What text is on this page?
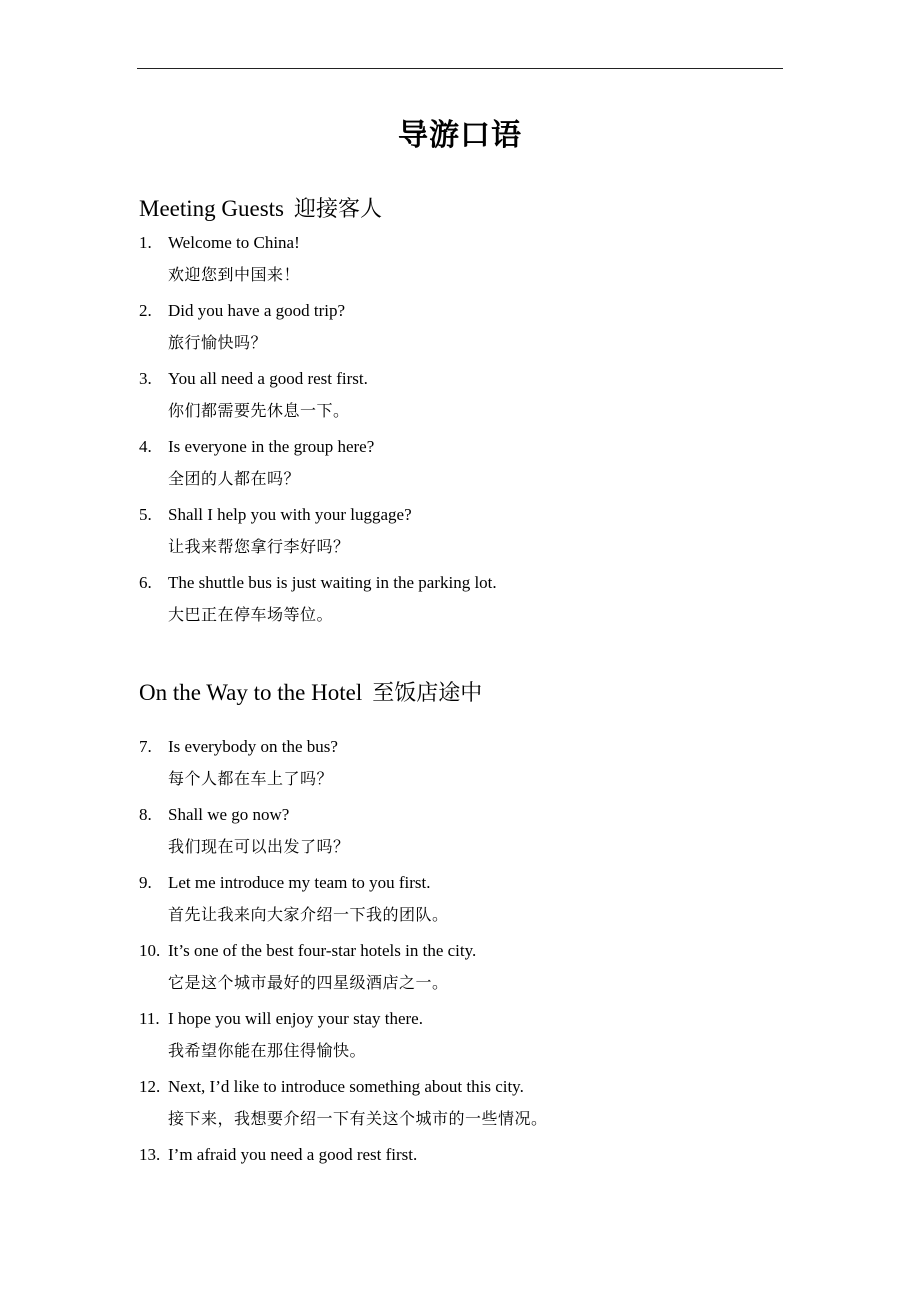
导游口语
Meeting Guests 迎接客人
1. Welcome to China!
欢迎您到中国来！
2. Did you have a good trip?
旅行愉快吗？
3. You all need a good rest first.
你们都需要先休息一下。
4. Is everyone in the group here?
全团的人都在吗？
5. Shall I help you with your luggage?
让我来帮您拿行李好吗？
6. The shuttle bus is just waiting in the parking lot.
大巴正在停车场等位。
On the Way to the Hotel 至饭店途中
7. Is everybody on the bus?
每个人都在车上了吗？
8. Shall we go now?
我们现在可以出发了吗？
9. Let me introduce my team to you first.
首先让我来向大家介绍一下我的团队。
10. It’s one of the best four-star hotels in the city.
它是这个城市最好的四星级酒店之一。
11. I hope you will enjoy your stay there.
我希望你能在那住得愉快。
12. Next, I’d like to introduce something about this city.
接下来，我想要介绍一下有关这个城市的一些情况。
13. I’m afraid you need a good rest first.
